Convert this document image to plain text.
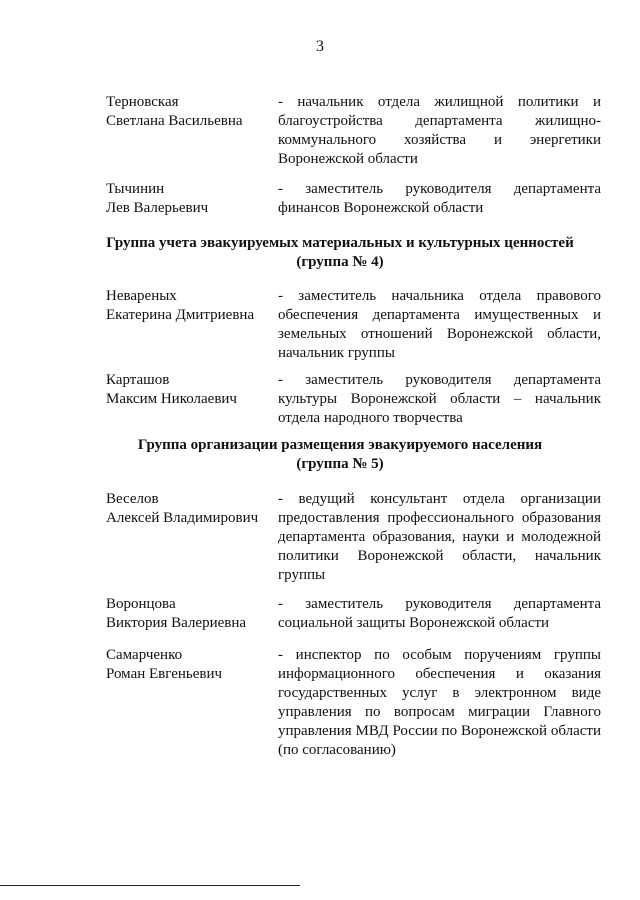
3
Терновская
Светлана Васильевна
- начальник отдела жилищной политики и благоустройства департамента жилищно-коммунального хозяйства и энергетики Воронежской области
Тычинин
Лев Валерьевич
- заместитель руководителя департамента финансов Воронежской области
Группа учета эвакуируемых материальных и культурных ценностей
(группа № 4)
Невареных
Екатерина Дмитриевна
- заместитель начальника отдела правового обеспечения департамента имущественных и земельных отношений Воронежской области, начальник группы
Карташов
Максим Николаевич
- заместитель руководителя департамента культуры Воронежской области – начальник отдела народного творчества
Группа организации размещения эвакуируемого населения
(группа № 5)
Веселов
Алексей Владимирович
- ведущий консультант отдела организации предоставления профессионального образования департамента образования, науки и молодежной политики Воронежской области, начальник группы
Воронцова
Виктория Валериевна
- заместитель руководителя департамента социальной защиты Воронежской области
Самарченко
Роман Евгеньевич
- инспектор по особым поручениям группы информационного обеспечения и оказания государственных услуг в электронном виде управления по вопросам миграции Главного управления МВД России по Воронежской области (по согласованию)
